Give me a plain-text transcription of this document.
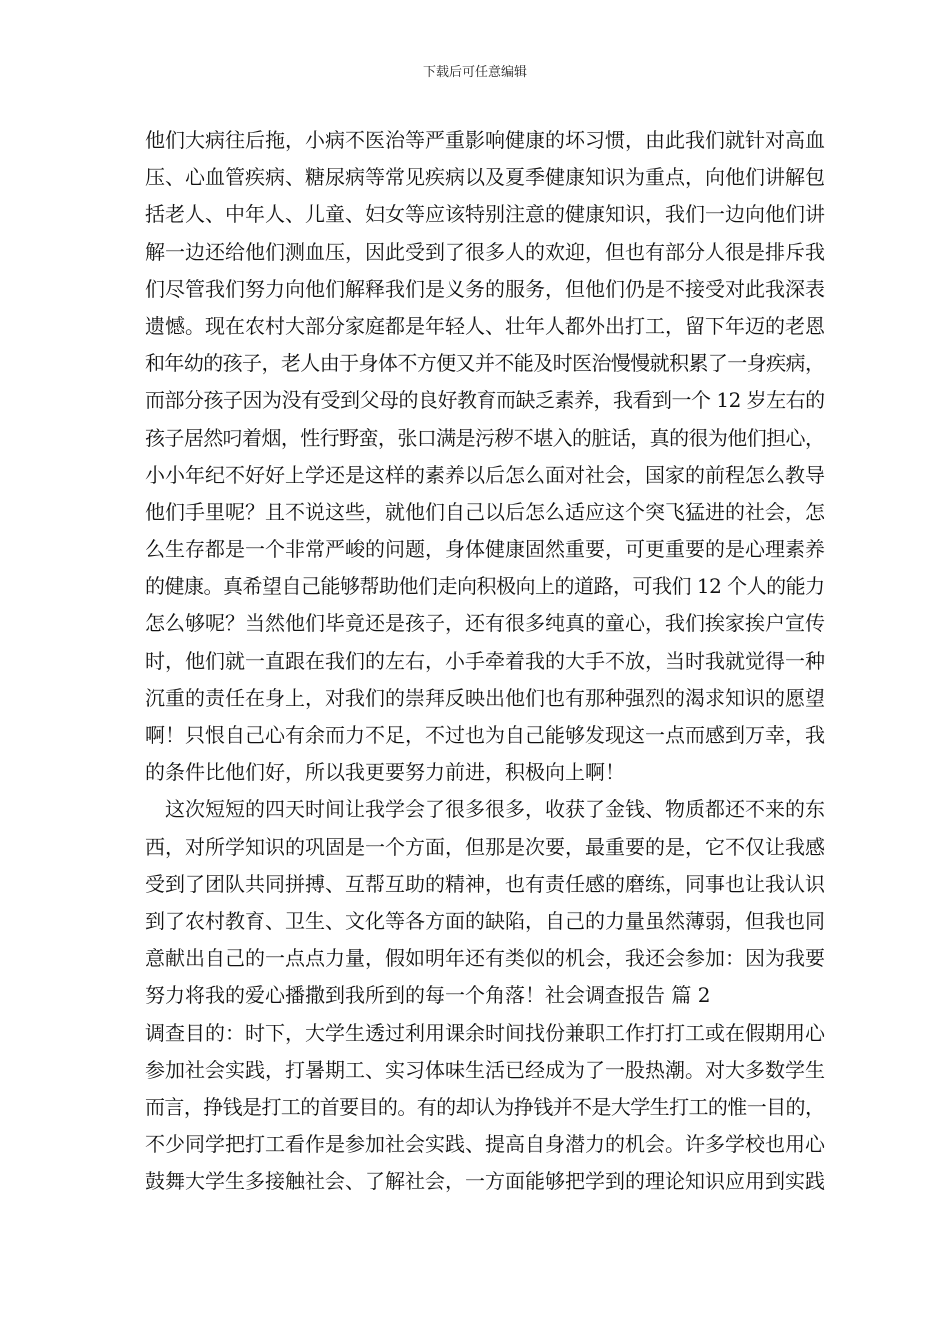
下载后可任意编辑
他们大病往后拖，小病不医治等严重影响健康的坏习惯，由此我们就针对高血
压、心血管疾病、糖尿病等常见疾病以及夏季健康知识为重点，向他们讲解包
括老人、中年人、儿童、妇女等应该特别注意的健康知识，我们一边向他们讲
解一边还给他们测血压，因此受到了很多人的欢迎，但也有部分人很是排斥我
们尽管我们努力向他们解释我们是义务的服务，但他们仍是不接受对此我深表
遗憾。现在农村大部分家庭都是年轻人、壮年人都外出打工，留下年迈的老恩
和年幼的孩子，老人由于身体不方便又并不能及时医治慢慢就积累了一身疾病，
而部分孩子因为没有受到父母的良好教育而缺乏素养，我看到一个 12 岁左右的
孩子居然叼着烟，性行野蛮，张口满是污秽不堪入的脏话，真的很为他们担心，
小小年纪不好好上学还是这样的素养以后怎么面对社会，国家的前程怎么教导
他们手里呢？且不说这些，就他们自己以后怎么适应这个突飞猛进的社会，怎
么生存都是一个非常严峻的问题，身体健康固然重要，可更重要的是心理素养
的健康。真希望自己能够帮助他们走向积极向上的道路，可我们 12 个人的能力
怎么够呢？当然他们毕竟还是孩子，还有很多纯真的童心，我们挨家挨户宣传
时，他们就一直跟在我们的左右，小手牵着我的大手不放，当时我就觉得一种
沉重的责任在身上，对我们的崇拜反映出他们也有那种强烈的渴求知识的愿望
啊！只恨自己心有余而力不足，不过也为自己能够发现这一点而感到万幸，我
的条件比他们好，所以我更要努力前进，积极向上啊！
　这次短短的四天时间让我学会了很多很多，收获了金钱、物质都还不来的东
西，对所学知识的巩固是一个方面，但那是次要，最重要的是，它不仅让我感
受到了团队共同拼搏、互帮互助的精神，也有责任感的磨练，同事也让我认识
到了农村教育、卫生、文化等各方面的缺陷，自己的力量虽然薄弱，但我也同
意献出自己的一点点力量，假如明年还有类似的机会，我还会参加：因为我要
努力将我的爱心播撒到我所到的每一个角落！社会调查报告 篇 2
调查目的：时下，大学生透过利用课余时间找份兼职工作打打工或在假期用心
参加社会实践，打暑期工、实习体味生活已经成为了一股热潮。对大多数学生
而言，挣钱是打工的首要目的。有的却认为挣钱并不是大学生打工的惟一目的，
不少同学把打工看作是参加社会实践、提高自身潜力的机会。许多学校也用心
鼓舞大学生多接触社会、了解社会，一方面能够把学到的理论知识应用到实践
